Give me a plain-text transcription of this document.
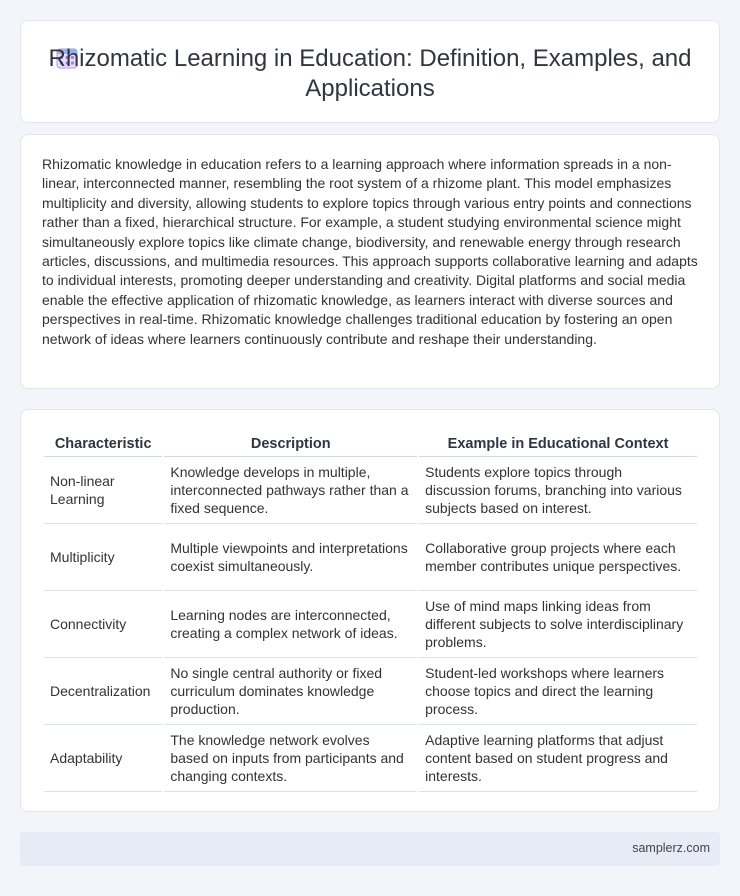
Rhizomatic Learning in Education: Definition, Examples, and Applications

Rhizomatic knowledge in education refers to a learning approach where information spreads in a non-linear, interconnected manner, resembling the root system of a rhizome plant. This model emphasizes multiplicity and diversity, allowing students to explore topics through various entry points and connections rather than a fixed, hierarchical structure. For example, a student studying environmental science might simultaneously explore topics like climate change, biodiversity, and renewable energy through research articles, discussions, and multimedia resources. This approach supports collaborative learning and adapts to individual interests, promoting deeper understanding and creativity. Digital platforms and social media enable the effective application of rhizomatic knowledge, as learners interact with diverse sources and perspectives in real-time. Rhizomatic knowledge challenges traditional education by fostering an open network of ideas where learners continuously contribute and reshape their understanding.

Characteristic	Description	Example in Educational Context
Non-linear Learning	Knowledge develops in multiple, interconnected pathways rather than a fixed sequence.	Students explore topics through discussion forums, branching into various subjects based on interest.
Multiplicity	Multiple viewpoints and interpretations coexist simultaneously.	Collaborative group projects where each member contributes unique perspectives.
Connectivity	Learning nodes are interconnected, creating a complex network of ideas.	Use of mind maps linking ideas from different subjects to solve interdisciplinary problems.
Decentralization	No single central authority or fixed curriculum dominates knowledge production.	Student-led workshops where learners choose topics and direct the learning process.
Adaptability	The knowledge network evolves based on inputs from participants and changing contexts.	Adaptive learning platforms that adjust content based on student progress and interests.
samplerz.com
